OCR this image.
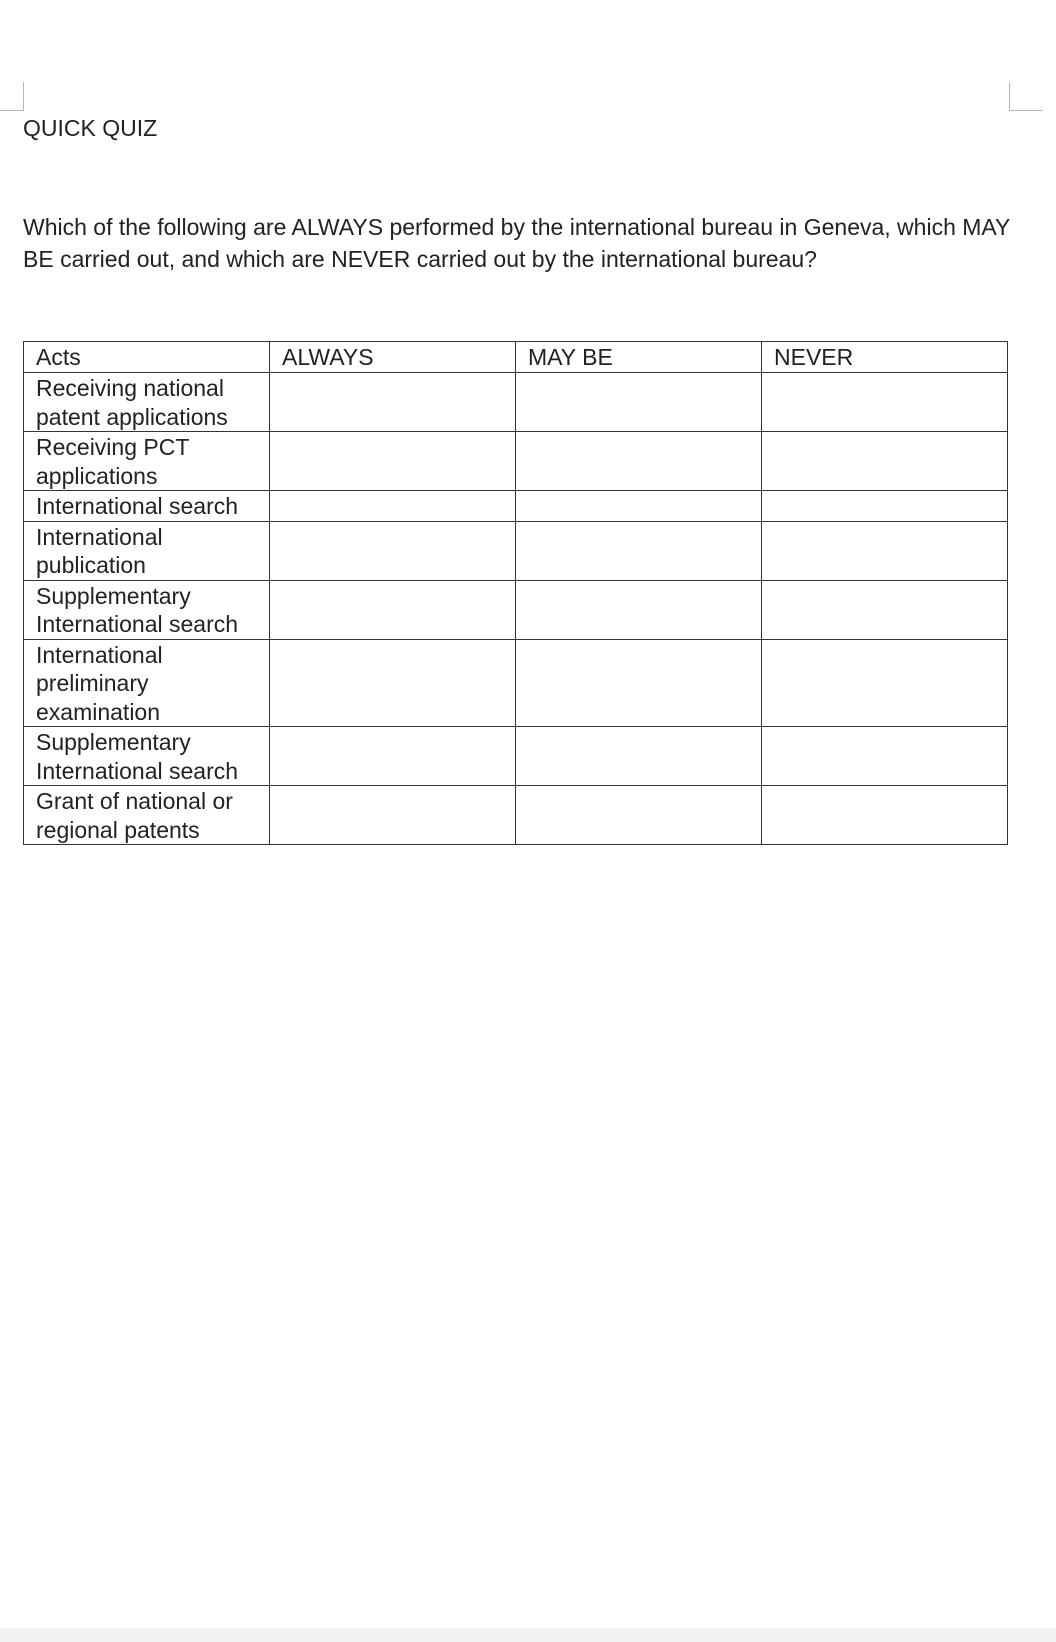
QUICK QUIZ

Which of the following are ALWAYS performed by the international bureau in Geneva, which MAY BE carried out, and which are NEVER carried out by the international bureau?

Acts	ALWAYS	MAY BE	NEVER
Receiving national patent applications			
Receiving PCT applications			
International search			
International publication			
Supplementary International search			
International preliminary examination			
Supplementary International search			
Grant of national or regional patents			
